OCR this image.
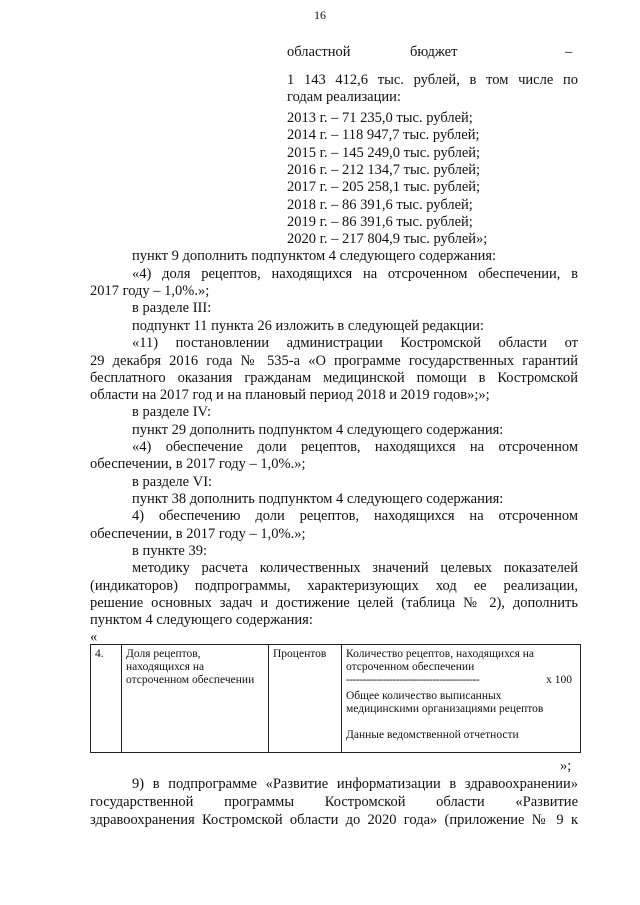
16
областной	бюджет	–
1 143 412,6 тыс. рублей, в том числе по
годам реализации:
2013 г. – 71 235,0 тыс. рублей;
2014 г. – 118 947,7 тыс. рублей;
2015 г. – 145 249,0 тыс. рублей;
2016 г. – 212 134,7 тыс. рублей;
2017 г. – 205 258,1 тыс. рублей;
2018 г. – 86 391,6 тыс. рублей;
2019 г. – 86 391,6 тыс. рублей;
2020 г. – 217 804,9 тыс. рублей»;
пункт 9 дополнить подпунктом 4 следующего содержания:
«4) доля рецептов, находящихся на отсроченном обеспечении, в
2017 году – 1,0%.»;
в разделе III:
подпункт 11 пункта 26 изложить в следующей редакции:
«11) постановлении администрации Костромской области от
29 декабря 2016 года № 535-а «О программе государственных гарантий
бесплатного оказания гражданам медицинской помощи в Костромской
области на 2017 год и на плановый период 2018 и 2019 годов»;»;
в разделе IV:
пункт 29 дополнить подпунктом 4 следующего содержания:
«4) обеспечение доли рецептов, находящихся на отсроченном
обеспечении, в 2017 году – 1,0%.»;
в разделе VI:
пункт 38 дополнить подпунктом 4 следующего содержания:
4) обеспечению доли рецептов, находящихся на отсроченном
обеспечении, в 2017 году – 1,0%.»;
в пункте 39:
методику расчета количественных значений целевых показателей
(индикаторов) подпрограммы, характеризующих ход ее реализации,
решение основных задач и достижение целей (таблица № 2), дополнить
пунктом 4 следующего содержания:
«
4.	Доля рецептов, находящихся на отсроченном обеспечении	Процентов	Количество рецептов, находящихся на отсроченном обеспечении
----------------------------------------	х 100
Общее количество выписанных медицинскими организациями рецептов
Данные ведомственной отчетности
»;
9) в подпрограмме «Развитие информатизации в здравоохранении»
государственной программы Костромской области «Развитие
здравоохранения Костромской области до 2020 года» (приложение № 9 к
